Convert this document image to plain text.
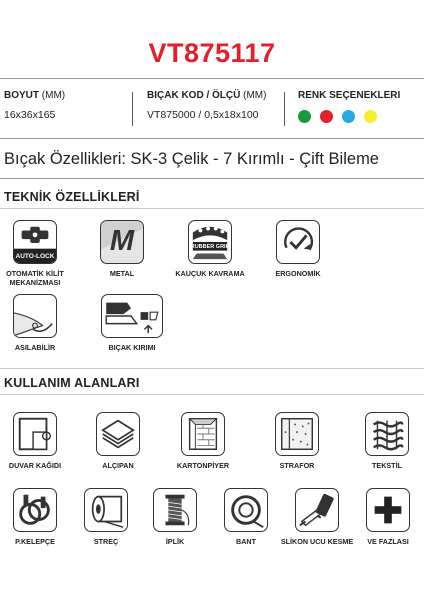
VT875117
BOYUT (MM)
16x36x165
BIÇAK KOD / ÖLÇÜ (MM)
VT875000 / 0,5x18x100
RENK SEÇENEKLERI
Bıçak Özellikleri: SK-3 Çelik - 7 Kırımlı - Çift Bileme
TEKNİK ÖZELLİKLERİ
AUTO-LOCK
OTOMATİK KİLİT MEKANİZMASI
M
METAL
RUBBER GRIP
KAUÇUK KAVRAMA	ERGONOMİK
ASILABİLİR	BIÇAK KIRIMI
KULLANIM ALANLARI
DUVAR KAĞIDI	ALÇIPAN	KARTONPİYER	STRAFOR	TEKSTİL
P.KELEPÇE	STREÇ	İPLİK	BANT	SLİKON UCU KESME	VE FAZLASI
